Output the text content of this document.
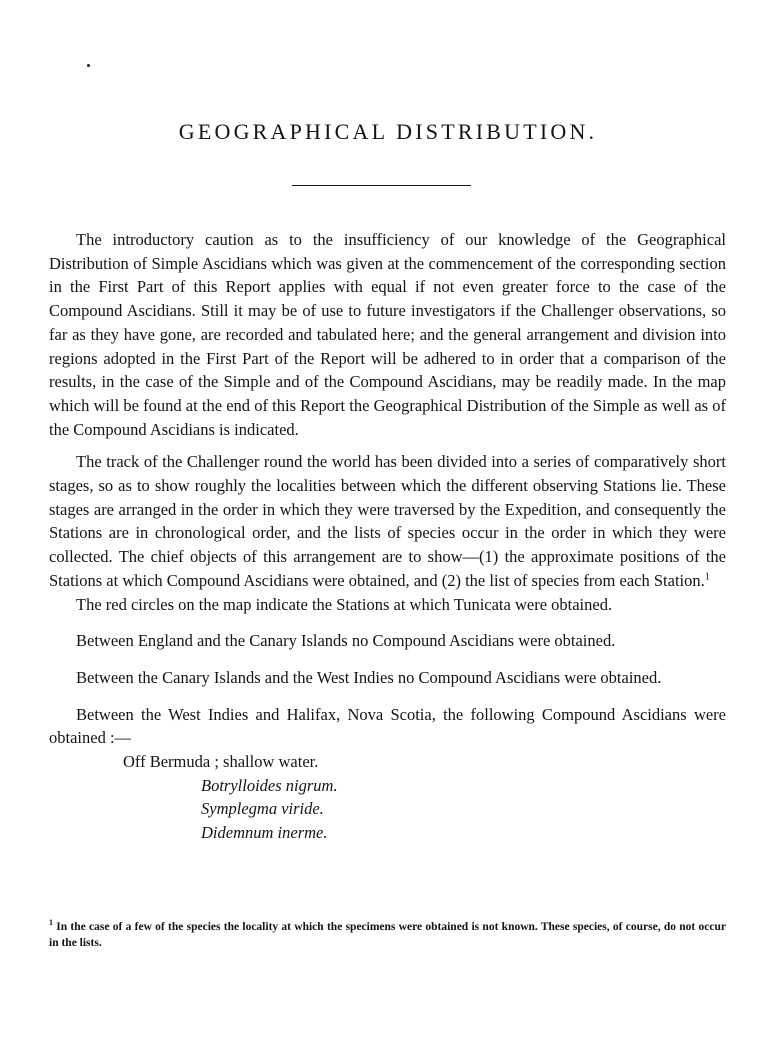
GEOGRAPHICAL DISTRIBUTION.

The introductory caution as to the insufficiency of our knowledge of the Geographical Distribution of Simple Ascidians which was given at the commencement of the corresponding section in the First Part of this Report applies with equal if not even greater force to the case of the Compound Ascidians. Still it may be of use to future investigators if the Challenger observations, so far as they have gone, are recorded and tabulated here; and the general arrangement and division into regions adopted in the First Part of the Report will be adhered to in order that a comparison of the results, in the case of the Simple and of the Compound Ascidians, may be readily made. In the map which will be found at the end of this Report the Geographical Distribution of the Simple as well as of the Compound Ascidians is indicated.

The track of the Challenger round the world has been divided into a series of comparatively short stages, so as to show roughly the localities between which the different observing Stations lie. These stages are arranged in the order in which they were traversed by the Expedition, and consequently the Stations are in chronological order, and the lists of species occur in the order in which they were collected. The chief objects of this arrangement are to show—(1) the approximate positions of the Stations at which Compound Ascidians were obtained, and (2) the list of species from each Station.$^1$

The red circles on the map indicate the Stations at which Tunicata were obtained.

Between England and the Canary Islands no Compound Ascidians were obtained.

Between the Canary Islands and the West Indies no Compound Ascidians were obtained.

Between the West Indies and Halifax, Nova Scotia, the following Compound Ascidians were obtained :—

Off Bermuda ; shallow water.
Botrylloides nigrum.
Symplegma viride.
Didemnum inerme.
$^1$ In the case of a few of the species the locality at which the specimens were obtained is not known. These species, of course, do not occur in the lists.
